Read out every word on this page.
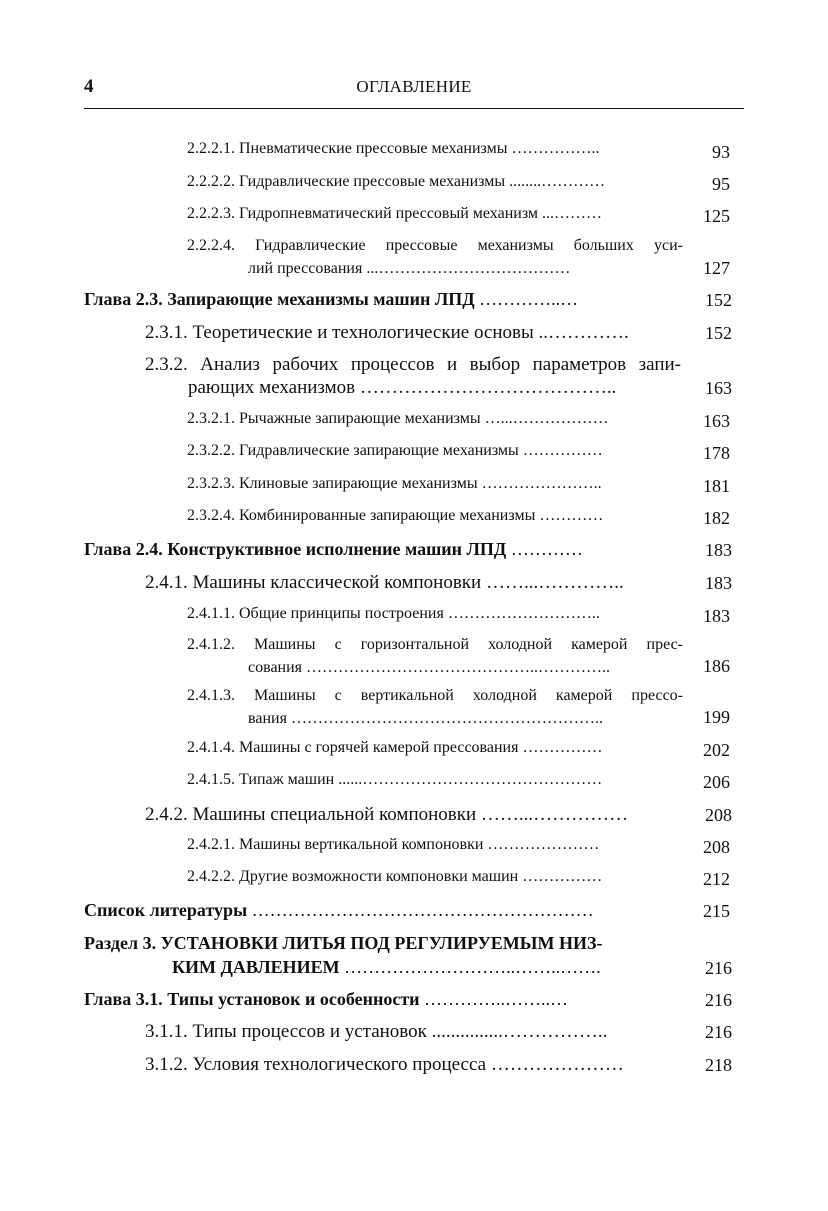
4	ОГЛАВЛЕНИЕ
2.2.2.1. Пневматические прессовые механизмы ……………..	93
2.2.2.2. Гидравлические прессовые механизмы ........…………	95
2.2.2.3. Гидропневматический прессовый механизм ...………	125
2.2.2.4. Гидравлические прессовые механизмы больших уси-
лий прессования ...………………………………	127
Глава 2.3. Запирающие механизмы машин ЛПД …………..…	152
2.3.1. Теоретические и технологические основы ..………….	152
2.3.2. Анализ рабочих процессов и выбор параметров запи-
рающих механизмов …………………………………..	163
2.3.2.1. Рычажные запирающие механизмы …...………………	163
2.3.2.2. Гидравлические запирающие механизмы ……………	178
2.3.2.3. Клиновые запирающие механизмы …………………..	181
2.3.2.4. Комбинированные запирающие механизмы …………	182
Глава 2.4. Конструктивное исполнение машин ЛПД …………	183
2.4.1. Машины классической компоновки ……...…………..	183
2.4.1.1. Общие принципы построения ………………………..	183
2.4.1.2. Машины с горизонтальной холодной камерой прес-
сования ……………………………………..…………..	186
2.4.1.3. Машины с вертикальной холодной камерой прессо-
вания …………………………………………………..	199
2.4.1.4. Машины с горячей камерой прессования ……………	202
2.4.1.5. Типаж машин ......………………………………………	206
2.4.2. Машины специальной компоновки ……...……………	208
2.4.2.1. Машины вертикальной компоновки …………………	208
2.4.2.2. Другие возможности компоновки машин ……………	212
Список литературы …………………………………………………	215
Раздел 3. УСТАНОВКИ ЛИТЬЯ ПОД РЕГУЛИРУЕМЫМ НИЗ-
КИМ ДАВЛЕНИЕМ ………………………..……..…….	216
Глава 3.1. Типы установок и особенности …………..……..…	216
3.1.1. Типы процессов и установок ...............……………..	216
3.1.2. Условия технологического процесса …………………	218
